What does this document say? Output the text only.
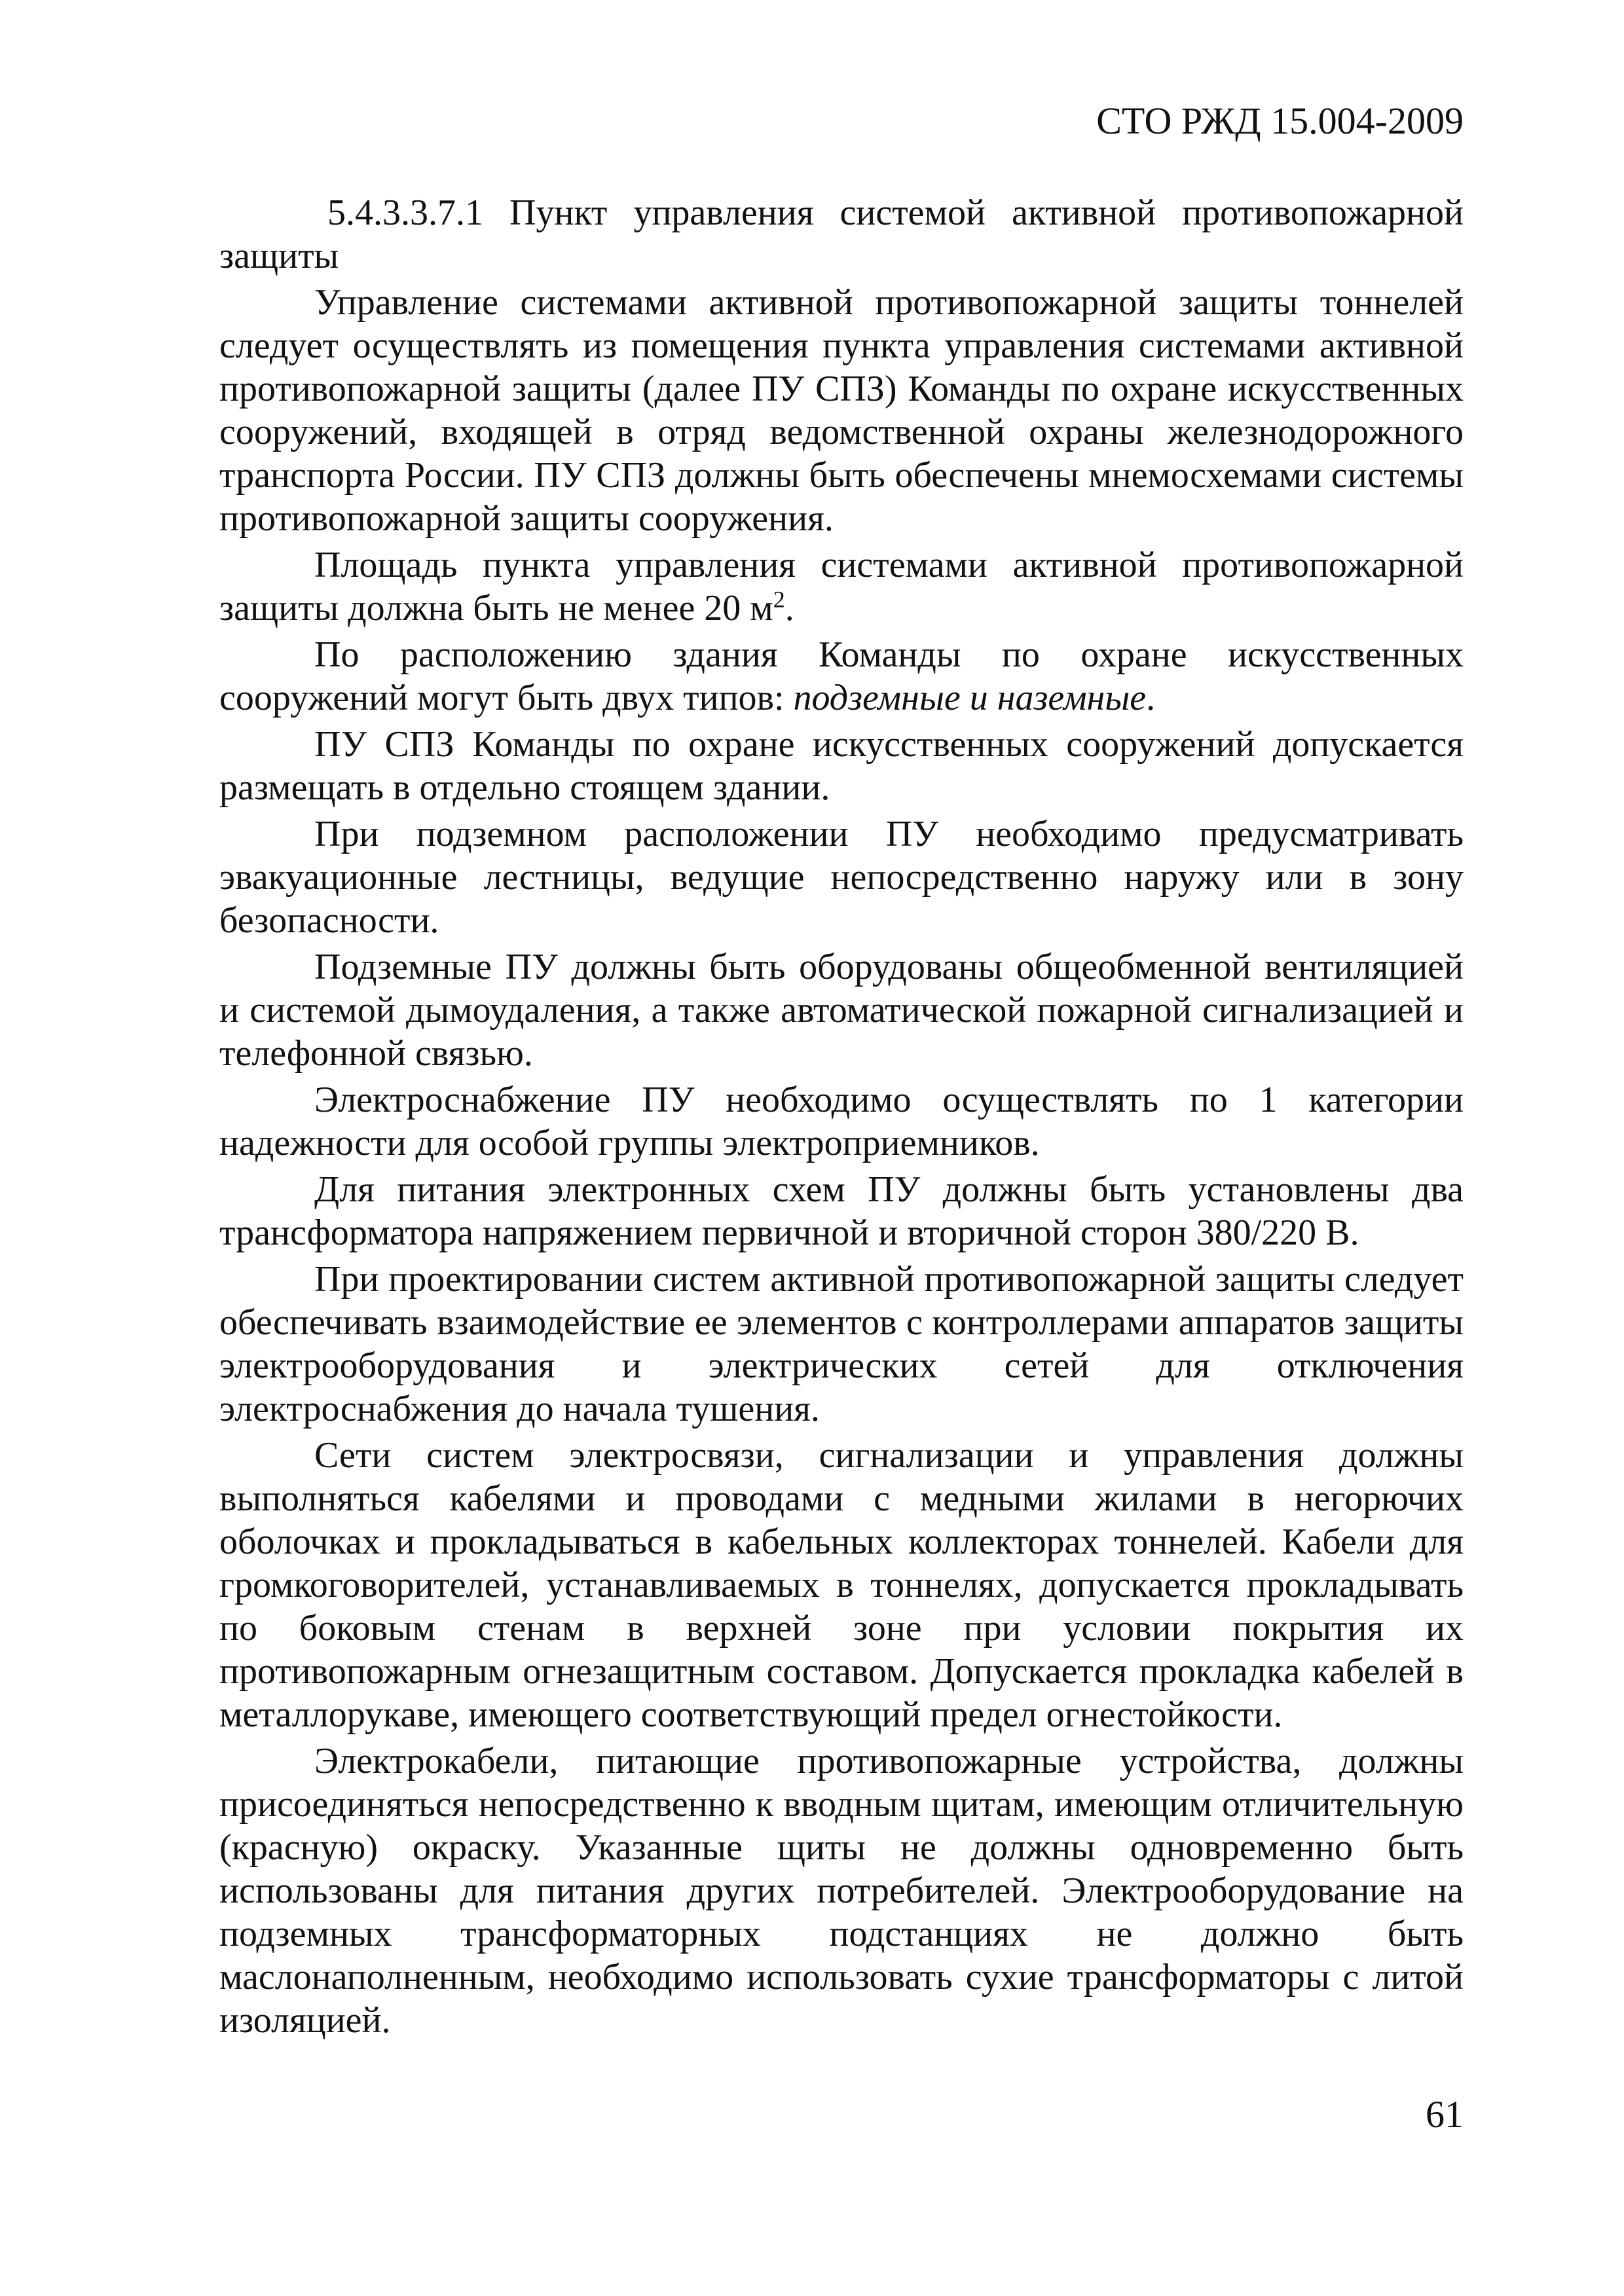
СТО РЖД 15.004-2009

5.4.3.3.7.1 Пункт управления системой активной противопожарной защиты

Управление системами активной противопожарной защиты тоннелей следует осуществлять из помещения пункта управления системами активной противопожарной защиты (далее ПУ СПЗ) Команды по охране искусственных сооружений, входящей в отряд ведомственной охраны железнодорожного транспорта России. ПУ СПЗ должны быть обеспечены мнемосхемами системы противопожарной защиты сооружения.

Площадь пункта управления системами активной противопожарной защиты должна быть не менее 20 $м^2$.

По расположению здания Команды по охране искусственных сооружений могут быть двух типов: подземные и наземные.

ПУ СПЗ Команды по охране искусственных сооружений допускается размещать в отдельно стоящем здании.

При подземном расположении ПУ необходимо предусматривать эвакуационные лестницы, ведущие непосредственно наружу или в зону безопасности.

Подземные ПУ должны быть оборудованы общеобменной вентиляцией и системой дымоудаления, а также автоматической пожарной сигнализацией и телефонной связью.

Электроснабжение ПУ необходимо осуществлять по 1 категории надежности для особой группы электроприемников.

Для питания электронных схем ПУ должны быть установлены два трансформатора напряжением первичной и вторичной сторон 380/220 В.

При проектировании систем активной противопожарной защиты следует обеспечивать взаимодействие ее элементов с контроллерами аппаратов защиты электрооборудования и электрических сетей для отключения электроснабжения до начала тушения.

Сети систем электросвязи, сигнализации и управления должны выполняться кабелями и проводами с медными жилами в негорючих оболочках и прокладываться в кабельных коллекторах тоннелей. Кабели для громкоговорителей, устанавливаемых в тоннелях, допускается прокладывать по боковым стенам в верхней зоне при условии покрытия их противопожарным огнезащитным составом. Допускается прокладка кабелей в металлорукаве, имеющего соответствующий предел огнестойкости.

Электрокабели, питающие противопожарные устройства, должны присоединяться непосредственно к вводным щитам, имеющим отличительную (красную) окраску. Указанные щиты не должны одновременно быть использованы для питания других потребителей. Электрооборудование на подземных трансформаторных подстанциях не должно быть маслонаполненным, необходимо использовать сухие трансформаторы с литой изоляцией.

61
